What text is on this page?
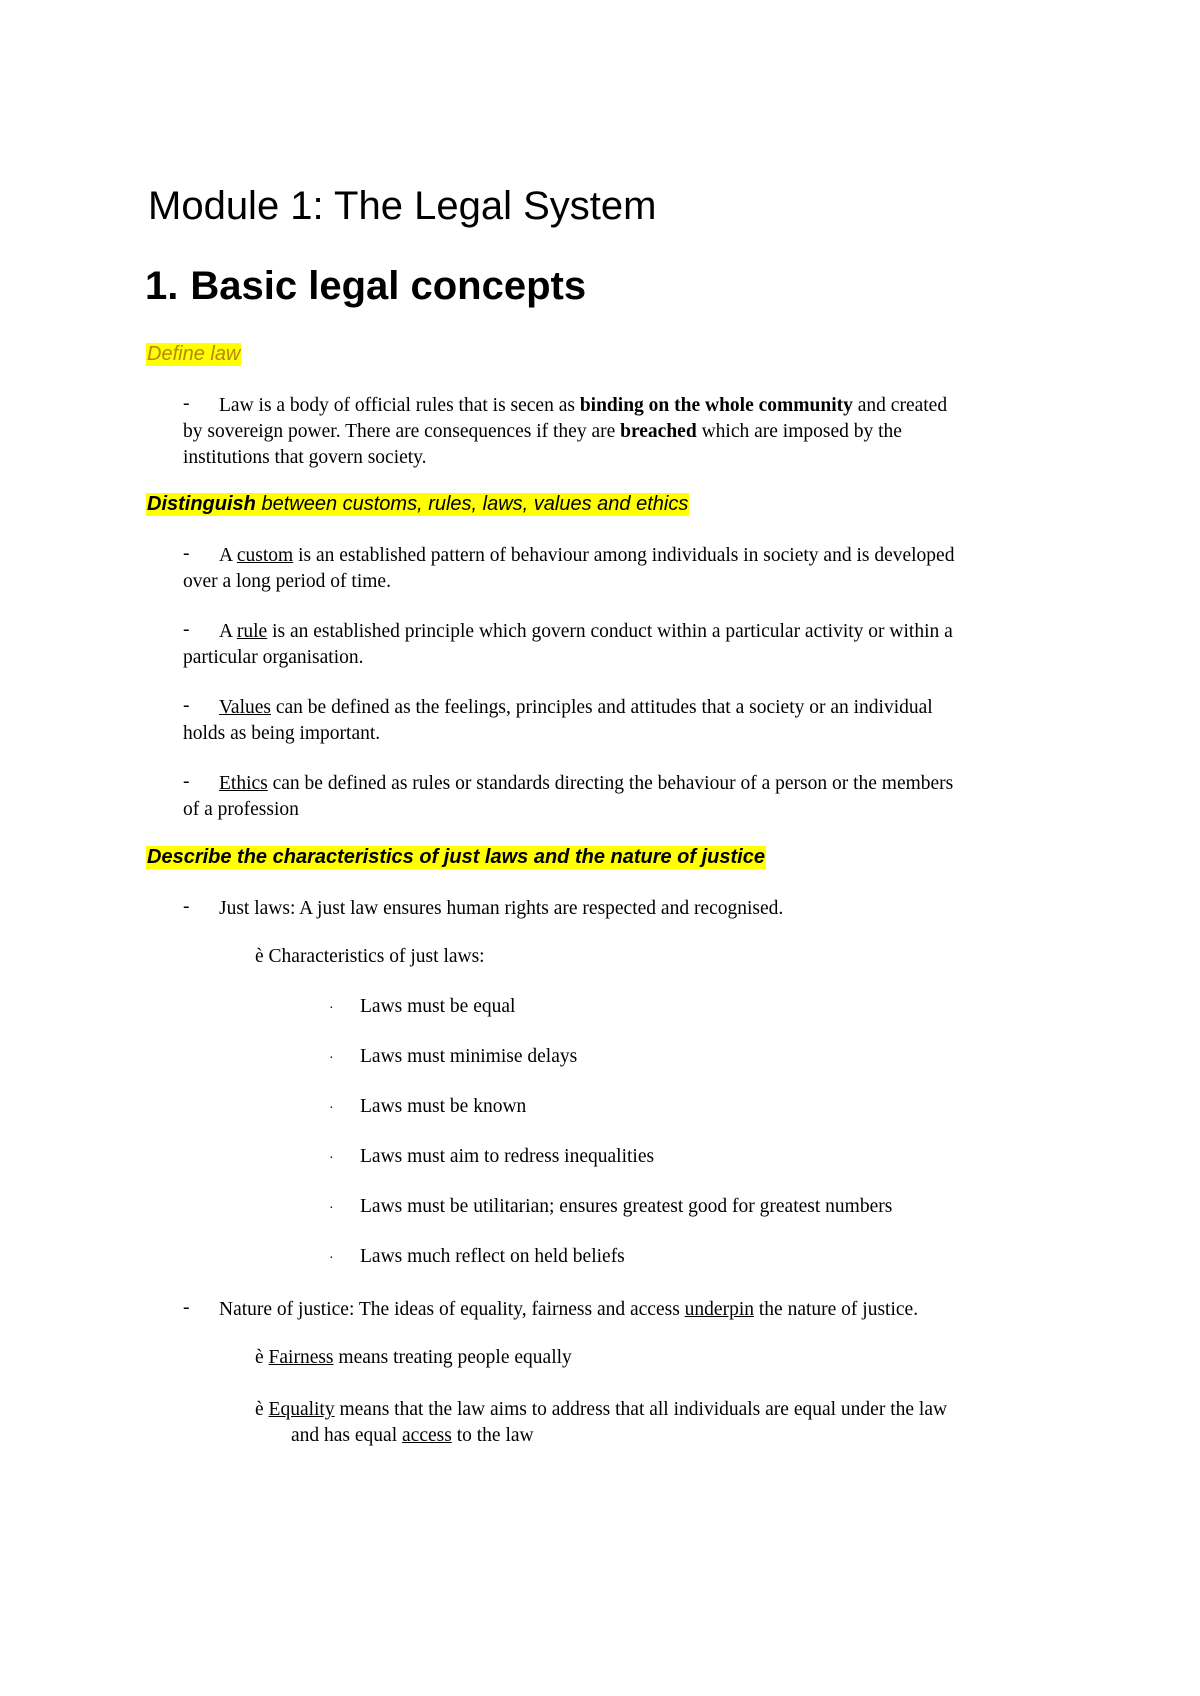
Module 1: The Legal System
1. Basic legal concepts
Define law
-	Law is a body of official rules that is secen as binding on the whole community and created
by sovereign power. There are consequences if they are breached which are imposed by the
institutions that govern society.
Distinguish between customs, rules, laws, values and ethics
-	A custom is an established pattern of behaviour among individuals in society and is developed
over a long period of time.
-	A rule is an established principle which govern conduct within a particular activity or within a
particular organisation.
-	Values can be defined as the feelings, principles and attitudes that a society or an individual
holds as being important.
-	Ethics can be defined as rules or standards directing the behaviour of a person or the members
of a profession
Describe the characteristics of just laws and the nature of justice
-	Just laws: A just law ensures human rights are respected and recognised.
è Characteristics of just laws:
· Laws must be equal
· Laws must minimise delays
· Laws must be known
· Laws must aim to redress inequalities
· Laws must be utilitarian; ensures greatest good for greatest numbers
· Laws much reflect on held beliefs
-	Nature of justice: The ideas of equality, fairness and access underpin the nature of justice.
è Fairness means treating people equally
è Equality means that the law aims to address that all individuals are equal under the law
and has equal access to the law
